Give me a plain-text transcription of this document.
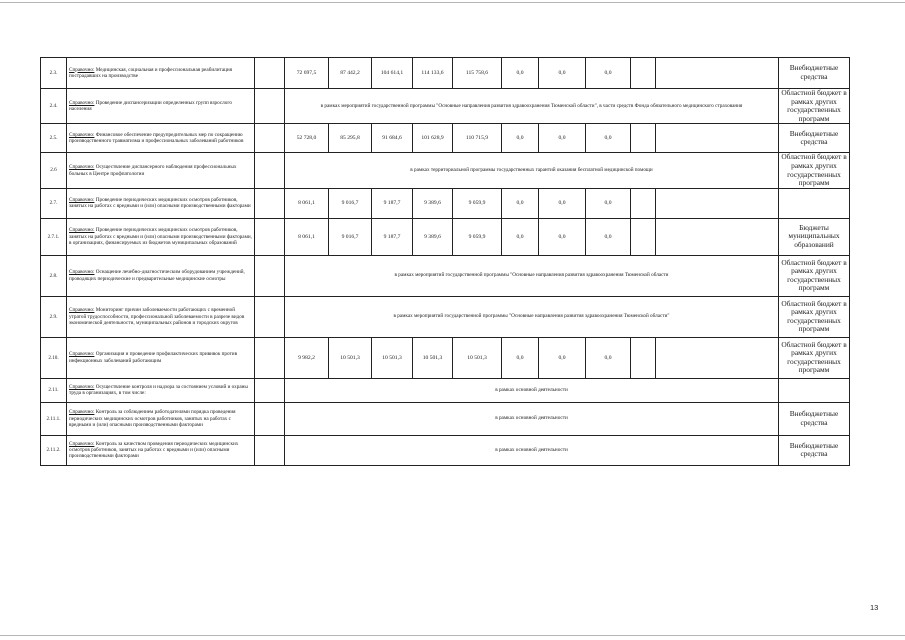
2.3.	Справочно: Медицинская, социальная и профессиональная реабилитация пострадавших на производстве		72 697,5	87 442,2	104 614,1	114 133,6	115 758,6	0,0	0,0	0,0			Внебюджетные средства
2.4.	Справочно: Проведение диспансеризации определенных групп взрослого населения		в рамках мероприятий государственной программы "Основные направления развития здравоохранения Тюменской области", в части средств Фонда обязательного медицинского страхования										Областной бюджет в рамках других государственных программ
2.5.	Справочно: Финансовое обеспечение предупредительных мер по сокращению производственного травматизма и профессиональных заболеваний работников		52 728,0	85 295,8	91 684,6	101 628,9	110 715,9	0,0	0,0	0,0			Внебюджетные средства
2.6	Справочно: Осуществление диспансерного наблюдения профессиональных больных в Центре профпатологии		в рамках территориальной программы государственных гарантий оказания бесплатной медицинской помощи										Областной бюджет в рамках других государственных программ
2.7.	Справочно: Проведение периодических медицинских осмотров работников, занятых на работах с вредными и (или) опасными производственными факторами		8 061,1	9 016,7	9 187,7	9 389,6	9 059,9	0,0	0,0	0,0			
2.7.1.	Справочно: Проведение периодических медицинских осмотров работников, занятых на работах с вредными и (или) опасными производственными факторами, в организациях, финансируемых из бюджетов муниципальных образований		8 061,1	9 016,7	9 187,7	9 389,6	9 059,9	0,0	0,0	0,0			Бюджеты муниципальных образований
2.8.	Справочно: Оснащение лечебно-диагностическим оборудованием учреждений, проводящих периодические и предварительные медицинские осмотры		в рамках мероприятий государственной программы "Основные направления развития здравоохранения Тюменской области										Областной бюджет в рамках других государственных программ
2.9.	Справочно: Мониторинг причин заболеваемости работающих с временной утратой трудоспособности, профессиональной заболеваемости в разрезе видов экономической деятельности, муниципальных районов и городских округов		в рамках мероприятий государственной программы "Основные направления развития здравоохранения Тюменской области"										Областной бюджет в рамках других государственных программ
2.10.	Справочно: Организация и проведение профилактических прививок против инфекционных заболеваний работающим		9 982,2	10 501,3	10 501,3	10 501,3	10 501,3	0,0	0,0	0,0			Областной бюджет в рамках других государственных программ
2.11.	Справочно: Осуществление контроля и надзора за состоянием условий и охраны труда в организациях, в том числе:		в рамках основной деятельности										
2.11.1.	Справочно: Контроль за соблюдением работодателями порядка проведения периодических медицинских осмотров работников, занятых на работах с вредными и (или) опасными производственными факторами		в рамках основной деятельности										Внебюджетные средства
2.11.2.	Справочно: Контроль за качеством проведения периодических медицинских осмотров работников, занятых на работах с вредными и (или) опасными производственными факторами		в рамках основной деятельности										Внебюджетные средства
13
